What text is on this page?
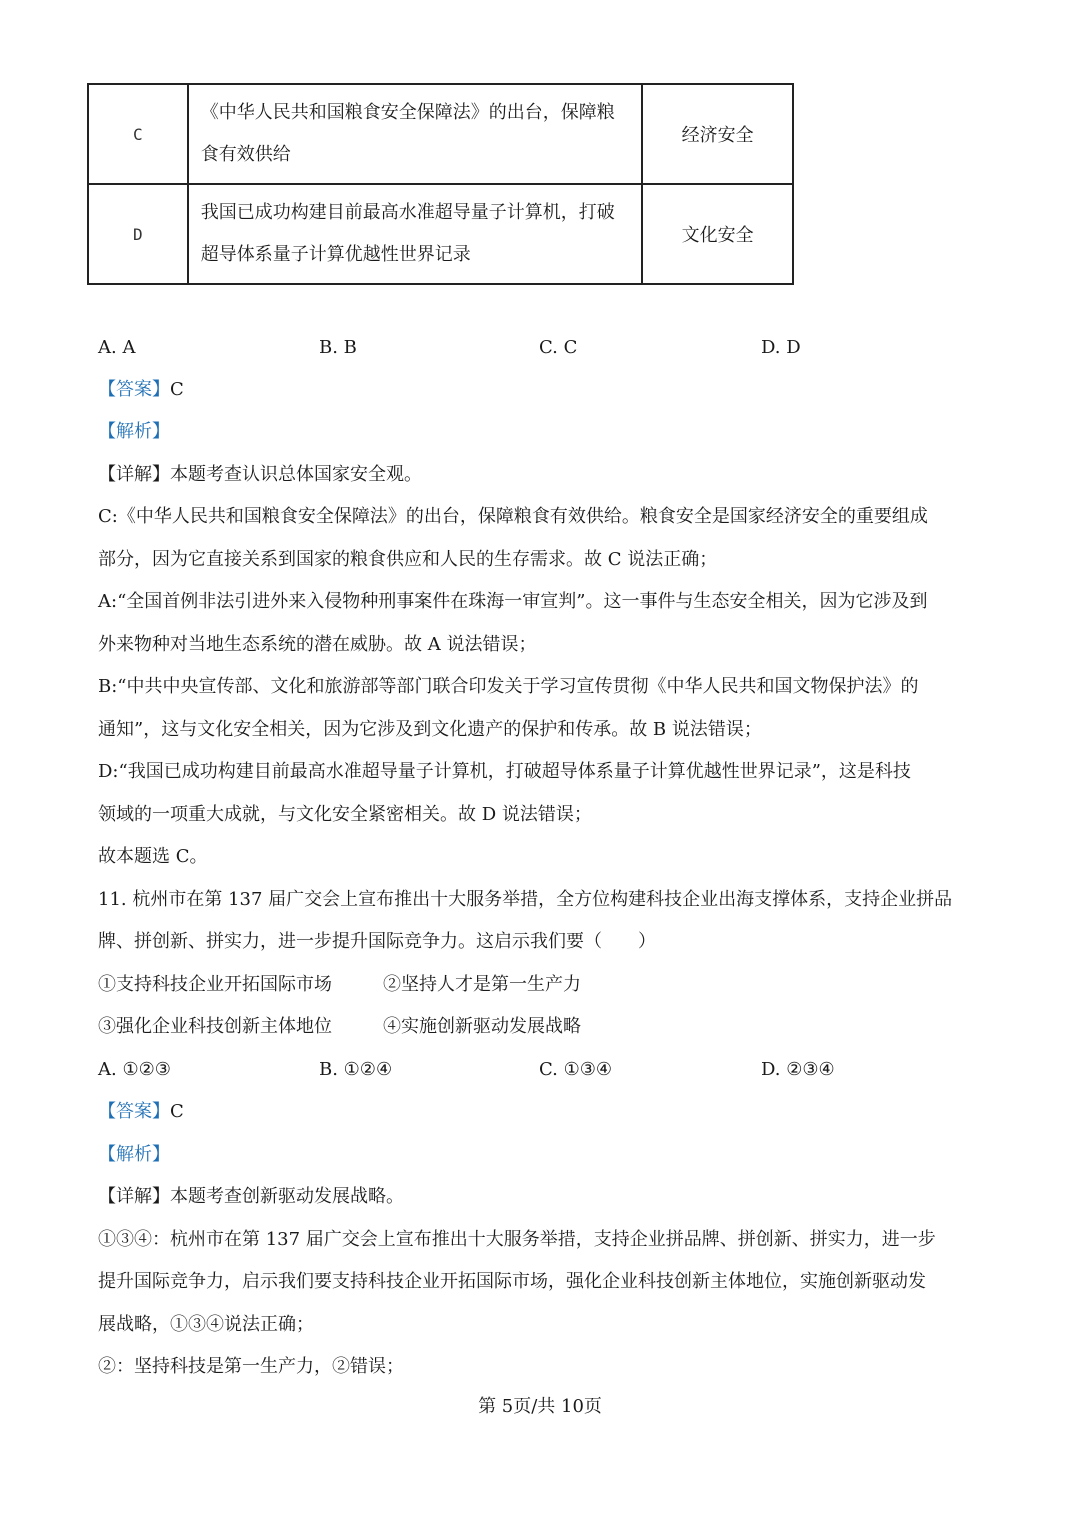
C	《中华人民共和国粮食安全保障法》的出台，保障粮
食有效供给	经济安全
D	我国已成功构建目前最高水准超导量子计算机，打破
超导体系量子计算优越性世界记录	文化安全
A. A	B. B	C. C	D. D
【答案】C
【解析】
【详解】本题考查认识总体国家安全观。
C:《中华人民共和国粮食安全保障法》的出台，保障粮食有效供给。粮食安全是国家经济安全的重要组成
部分，因为它直接关系到国家的粮食供应和人民的生存需求。故 C 说法正确；
A:“全国首例非法引进外来入侵物种刑事案件在珠海一审宣判”。这一事件与生态安全相关，因为它涉及到
外来物种对当地生态系统的潜在威胁。故 A 说法错误；
B:“中共中央宣传部、文化和旅游部等部门联合印发关于学习宣传贯彻《中华人民共和国文物保护法》的
通知”，这与文化安全相关，因为它涉及到文化遗产的保护和传承。故 B 说法错误；
D:“我国已成功构建目前最高水准超导量子计算机，打破超导体系量子计算优越性世界记录”，这是科技
领域的一项重大成就，与文化安全紧密相关。故 D 说法错误；
故本题选 C。
11. 杭州市在第 137 届广交会上宣布推出十大服务举措，全方位构建科技企业出海支撑体系，支持企业拼品
牌、拼创新、拼实力，进一步提升国际竞争力。这启示我们要（　　）
①支持科技企业开拓国际市场	②坚持人才是第一生产力
③强化企业科技创新主体地位	④实施创新驱动发展战略
A. ①②③	B. ①②④	C. ①③④	D. ②③④
【答案】C
【解析】
【详解】本题考查创新驱动发展战略。
①③④：杭州市在第 137 届广交会上宣布推出十大服务举措，支持企业拼品牌、拼创新、拼实力，进一步
提升国际竞争力，启示我们要支持科技企业开拓国际市场，强化企业科技创新主体地位，实施创新驱动发
展战略，①③④说法正确；
②：坚持科技是第一生产力，②错误；
第 5页/共 10页
